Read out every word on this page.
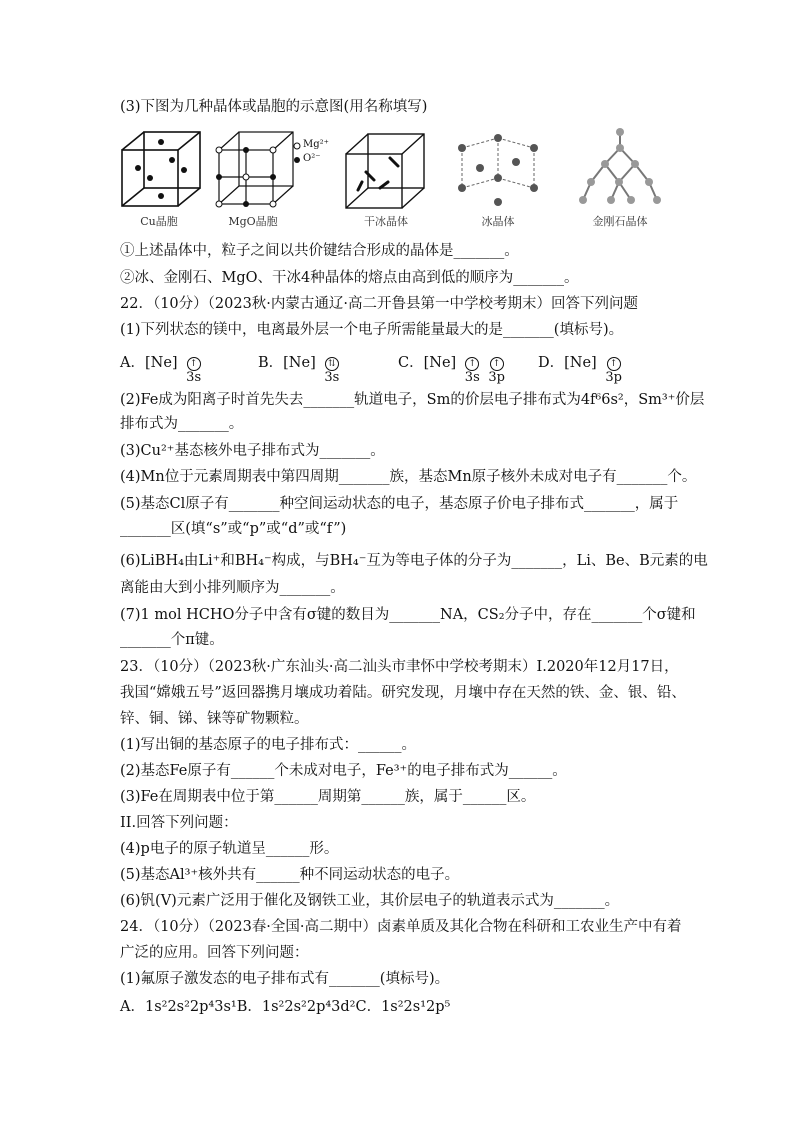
(3)下图为几种晶体或晶胞的示意图(用名称填写)
Cu晶胞
Mg²⁺
O²⁻
MgO晶胞	干冰晶体	冰晶体	金刚石晶体
①上述晶体中，粒子之间以共价键结合形成的晶体是_______。
②冰、金刚石、MgO、干冰4种晶体的熔点由高到低的顺序为_______。
22．（10分）（2023秋·内蒙古通辽·高二开鲁县第一中学校考期末）回答下列问题
(1)下列状态的镁中，电离最外层一个电子所需能量最大的是_______(填标号)。
A．[Ne] ↑
3s
B．[Ne] ⇅
3s
C．[Ne] ↑
3s
↑
3p
D．[Ne] ↑
3p
(2)Fe成为阳离子时首先失去_______轨道电子，Sm的价层电子排布式为4f⁶6s²，Sm³⁺价层
排布式为_______。
(3)Cu²⁺基态核外电子排布式为_______。
(4)Mn位于元素周期表中第四周期_______族，基态Mn原子核外未成对电子有_______个。
(5)基态Cl原子有_______种空间运动状态的电子，基态原子价电子排布式_______，属于
_______区(填“s”或“p”或“d”或“f”)
(6)LiBH₄由Li⁺和BH₄⁻构成，与BH₄⁻互为等电子体的分子为_______，Li、Be、B元素的电
离能由大到小排列顺序为_______。
(7)1 mol HCHO分子中含有σ键的数目为_______NA，CS₂分子中，存在_______个σ键和
_______个π键。
23．（10分）（2023秋·广东汕头·高二汕头市聿怀中学校考期末）I.2020年12月17日，
我国“嫦娥五号”返回器携月壤成功着陆。研究发现，月壤中存在天然的铁、金、银、铅、
锌、铜、锑、铼等矿物颗粒。
(1)写出铜的基态原子的电子排布式：______。
(2)基态Fe原子有______个未成对电子，Fe³⁺的电子排布式为______。
(3)Fe在周期表中位于第______周期第______族，属于______区。
II.回答下列问题：
(4)p电子的原子轨道呈______形。
(5)基态Al³⁺核外共有______种不同运动状态的电子。
(6)钒(V)元素广泛用于催化及钢铁工业，其价层电子的轨道表示式为_______。
24．（10分）（2023春·全国·高二期中）卤素单质及其化合物在科研和工农业生产中有着
广泛的应用。回答下列问题：
(1)氟原子激发态的电子排布式有_______(填标号)。
A．1s²2s²2p⁴3s¹B．1s²2s²2p⁴3d²C．1s²2s¹2p⁵
